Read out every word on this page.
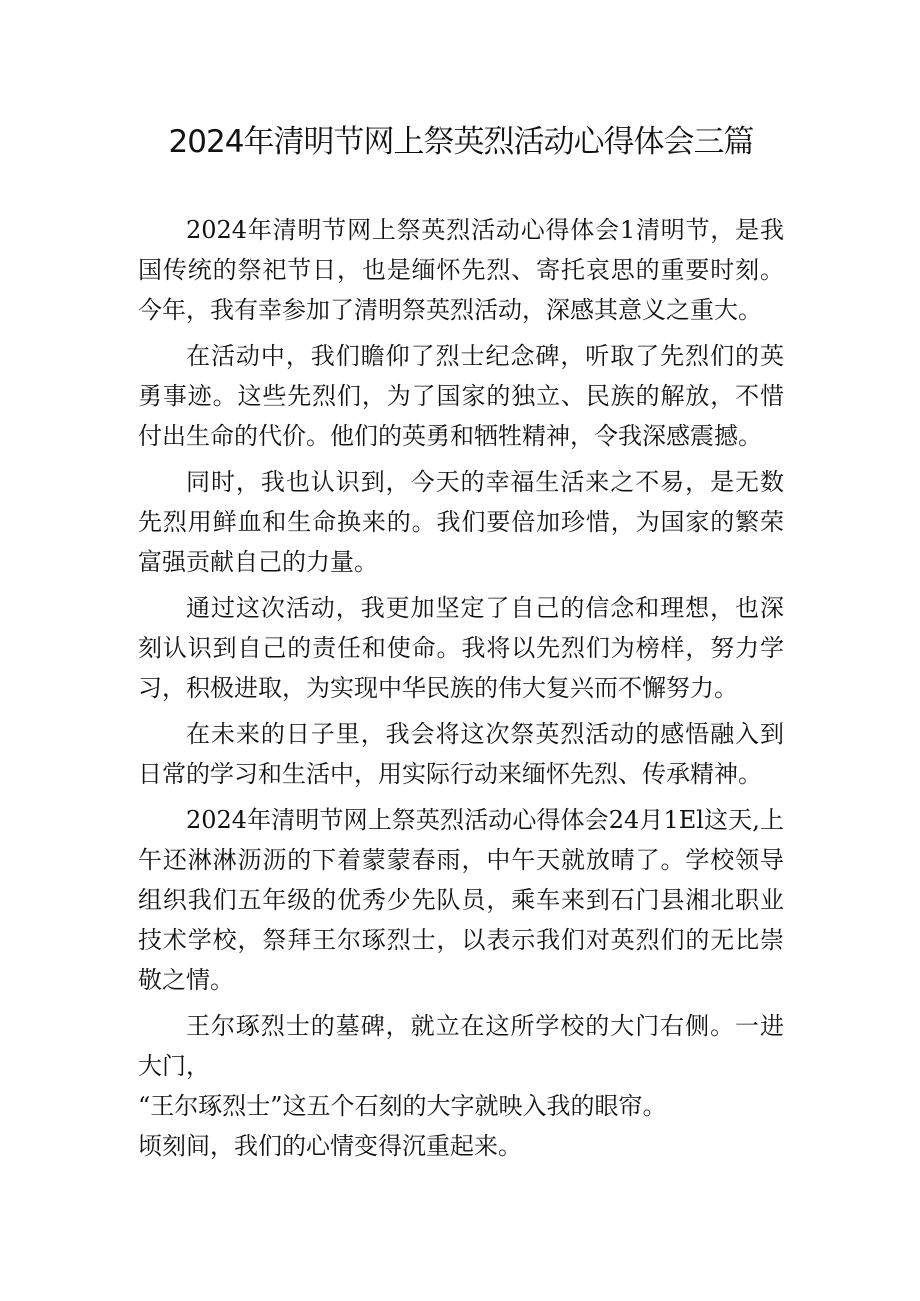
2024年清明节网上祭英烈活动心得体会三篇

2024年清明节网上祭英烈活动心得体会1清明节，是我国传统的祭祀节日，也是缅怀先烈、寄托哀思的重要时刻。今年，我有幸参加了清明祭英烈活动，深感其意义之重大。

在活动中，我们瞻仰了烈士纪念碑，听取了先烈们的英勇事迹。这些先烈们，为了国家的独立、民族的解放，不惜付出生命的代价。他们的英勇和牺牲精神，令我深感震撼。

同时，我也认识到，今天的幸福生活来之不易，是无数先烈用鲜血和生命换来的。我们要倍加珍惜，为国家的繁荣富强贡献自己的力量。

通过这次活动，我更加坚定了自己的信念和理想，也深刻认识到自己的责任和使命。我将以先烈们为榜样，努力学习，积极进取，为实现中华民族的伟大复兴而不懈努力。

在未来的日子里，我会将这次祭英烈活动的感悟融入到日常的学习和生活中，用实际行动来缅怀先烈、传承精神。

2024年清明节网上祭英烈活动心得体会24月1El这天,上午还淋淋沥沥的下着蒙蒙春雨，中午天就放晴了。学校领导组织我们五年级的优秀少先队员，乘车来到石门县湘北职业技术学校，祭拜王尔琢烈士，以表示我们对英烈们的无比崇敬之情。

王尔琢烈士的墓碑，就立在这所学校的大门右侧。一进大门，

“王尔琢烈士”这五个石刻的大字就映入我的眼帘。

顷刻间，我们的心情变得沉重起来。
